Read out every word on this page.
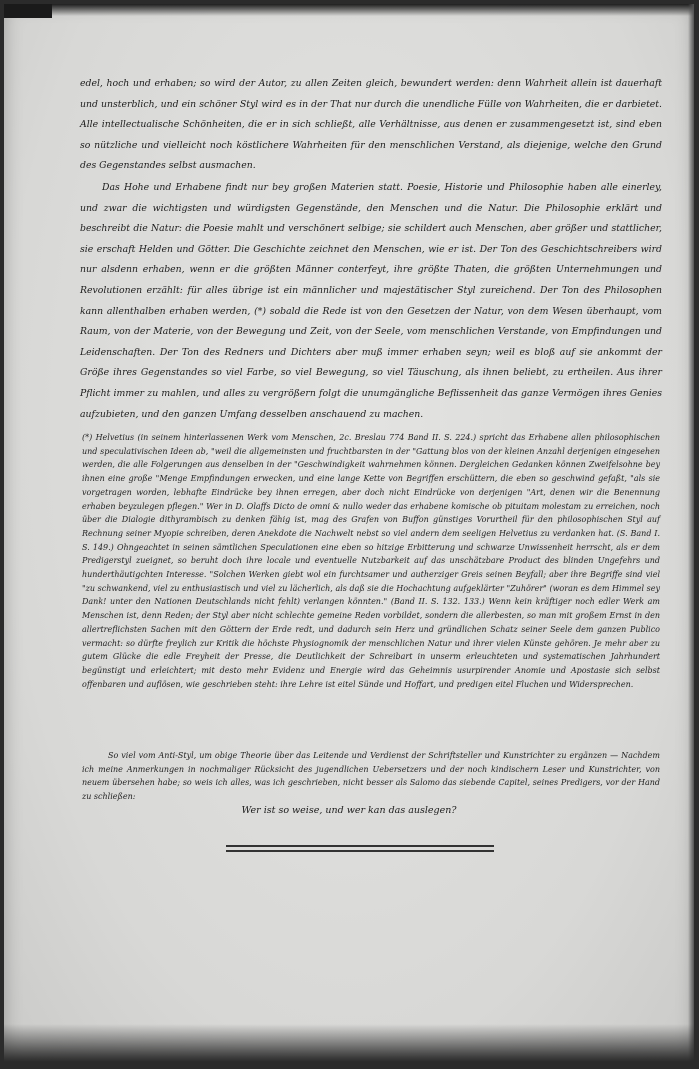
edel, hoch und erhaben; so wird der Autor, zu allen Zeiten gleich, bewundert werden: denn Wahrheit allein ist dauerhaft und unsterblich, und ein schöner Styl wird es in der That nur durch die unendliche Fülle von Wahrheiten, die er darbietet. Alle intellectualische Schönheiten, die er in sich schließt, alle Verhältnisse, aus denen er zusammengesetzt ist, sind eben so nützliche und vielleicht noch köstlichere Wahrheiten für den menschlichen Verstand, als diejenige, welche den Grund des Gegenstandes selbst ausmachen.

Das Hohe und Erhabene findt nur bey großen Materien statt. Poesie, Historie und Philosophie haben alle einerley, und zwar die wichtigsten und würdigsten Gegenstände, den Menschen und die Natur. Die Philosophie erklärt und beschreibt die Natur: die Poesie mahlt und verschönert selbige; sie schildert auch Menschen, aber größer und stattlicher, sie erschaft Helden und Götter. Die Geschichte zeichnet den Menschen, wie er ist. Der Ton des Geschichtschreibers wird nur alsdenn erhaben, wenn er die größten Männer conterfeyt, ihre größte Thaten, die größten Unternehmungen und Revolutionen erzählt: für alles übrige ist ein männlicher und majestätischer Styl zureichend. Der Ton des Philosophen kann allenthalben erhaben werden, (*) sobald die Rede ist von den Gesetzen der Natur, von dem Wesen überhaupt, vom Raum, von der Materie, von der Bewegung und Zeit, von der Seele, vom menschlichen Verstande, von Empfindungen und Leidenschaften. Der Ton des Redners und Dichters aber muß immer erhaben seyn; weil es bloß auf sie ankommt der Größe ihres Gegenstandes so viel Farbe, so viel Bewegung, so viel Täuschung, als ihnen beliebt, zu ertheilen. Aus ihrer Pflicht immer zu mahlen, und alles zu vergrößern folgt die unumgängliche Beflissenheit das ganze Vermögen ihres Genies aufzubieten, und den ganzen Umfang desselben anschauend zu machen.

(*) Helvetius (in seinem hinterlassenen Werk vom Menschen, 2c. Breslau 774 Band II. S. 224.) spricht das Erhabene allen philosophischen und speculativischen Ideen ab, "weil die allgemeinsten und fruchtbarsten in der "Gattung blos von der kleinen Anzahl derjenigen eingesehen werden, die alle Folgerungen aus denselben in der "Geschwindigkeit wahrnehmen können. Dergleichen Gedanken können Zweifelsohne bey ihnen eine große "Menge Empfindungen erwecken, und eine lange Kette von Begriffen erschüttern, die eben so geschwind gefaßt, "als sie vorgetragen worden, lebhafte Eindrücke bey ihnen erregen, aber doch nicht Eindrücke von derjenigen "Art, denen wir die Benennung erhaben beyzulegen pflegen." Wer in D. Olaffs Dicto de omni & nullo weder das erhabene komische ob pituitam molestam zu erreichen, noch über die Dialogie dithyrambisch zu denken fähig ist, mag des Grafen von Buffon günstiges Vorurtheil für den philosophischen Styl auf Rechnung seiner Myopie schreiben, deren Anekdote die Nachwelt nebst so viel andern dem seeligen Helvetius zu verdanken hat. (S. Band I. S. 149.) Ohngeachtet in seinen sämtlichen Speculationen eine eben so hitzige Erbitterung und schwarze Unwissenheit herrscht, als er dem Predigerstyl zueignet, so beruht doch ihre locale und eventuelle Nutzbarkeit auf das unschätzbare Product des blinden Ungefehrs und hunderthäutigchten Interesse. "Solchen Werken giebt wol ein furchtsamer und autherziger Greis seinen Beyfall; aber ihre Begriffe sind viel "zu schwankend, viel zu enthusiastisch und viel zu lächerlich, als daß sie die Hochachtung aufgeklärter "Zuhörer" (woran es dem Himmel sey Dank! unter den Nationen Deutschlands nicht fehlt) verlangen könnten." (Band II. S. 132. 133.) Wenn kein kräftiger noch edler Werk am Menschen ist, denn Reden; der Styl aber nicht schlechte gemeine Reden vorbildet, sondern die allerbesten, so man mit großem Ernst in den allertreflichsten Sachen mit den Göttern der Erde redt, und dadurch sein Herz und gründlichen Schatz seiner Seele dem ganzen Publico vermacht: so dürfte freylich zur Kritik die höchste Physiognomik der menschlichen Natur und ihrer vielen Künste gehören. Je mehr aber zu gutem Glücke die edle Freyheit der Presse, die Deutlichkeit der Schreibart in unserm erleuchteten und systematischen Jahrhundert begünstigt und erleichtert; mit desto mehr Evidenz und Energie wird das Geheimnis usurpirender Anomie und Apostasie sich selbst offenbaren und auflösen, wie geschrieben steht: ihre Lehre ist eitel Sünde und Hoffart, und predigen eitel Fluchen und Widersprechen.

So viel vom Anti-Styl, um obige Theorie über das Leitende und Verdienst der Schriftsteller und Kunstrichter zu ergänzen — Nachdem ich meine Anmerkungen in nochmaliger Rücksicht des jugendlichen Uebersetzers und der noch kindischern Leser und Kunstrichter, von neuem übersehen habe; so weis ich alles, was ich geschrieben, nicht besser als Salomo das siebende Capitel, seines Predigers, vor der Hand zu schließen:

Wer ist so weise, und wer kan das auslegen?
